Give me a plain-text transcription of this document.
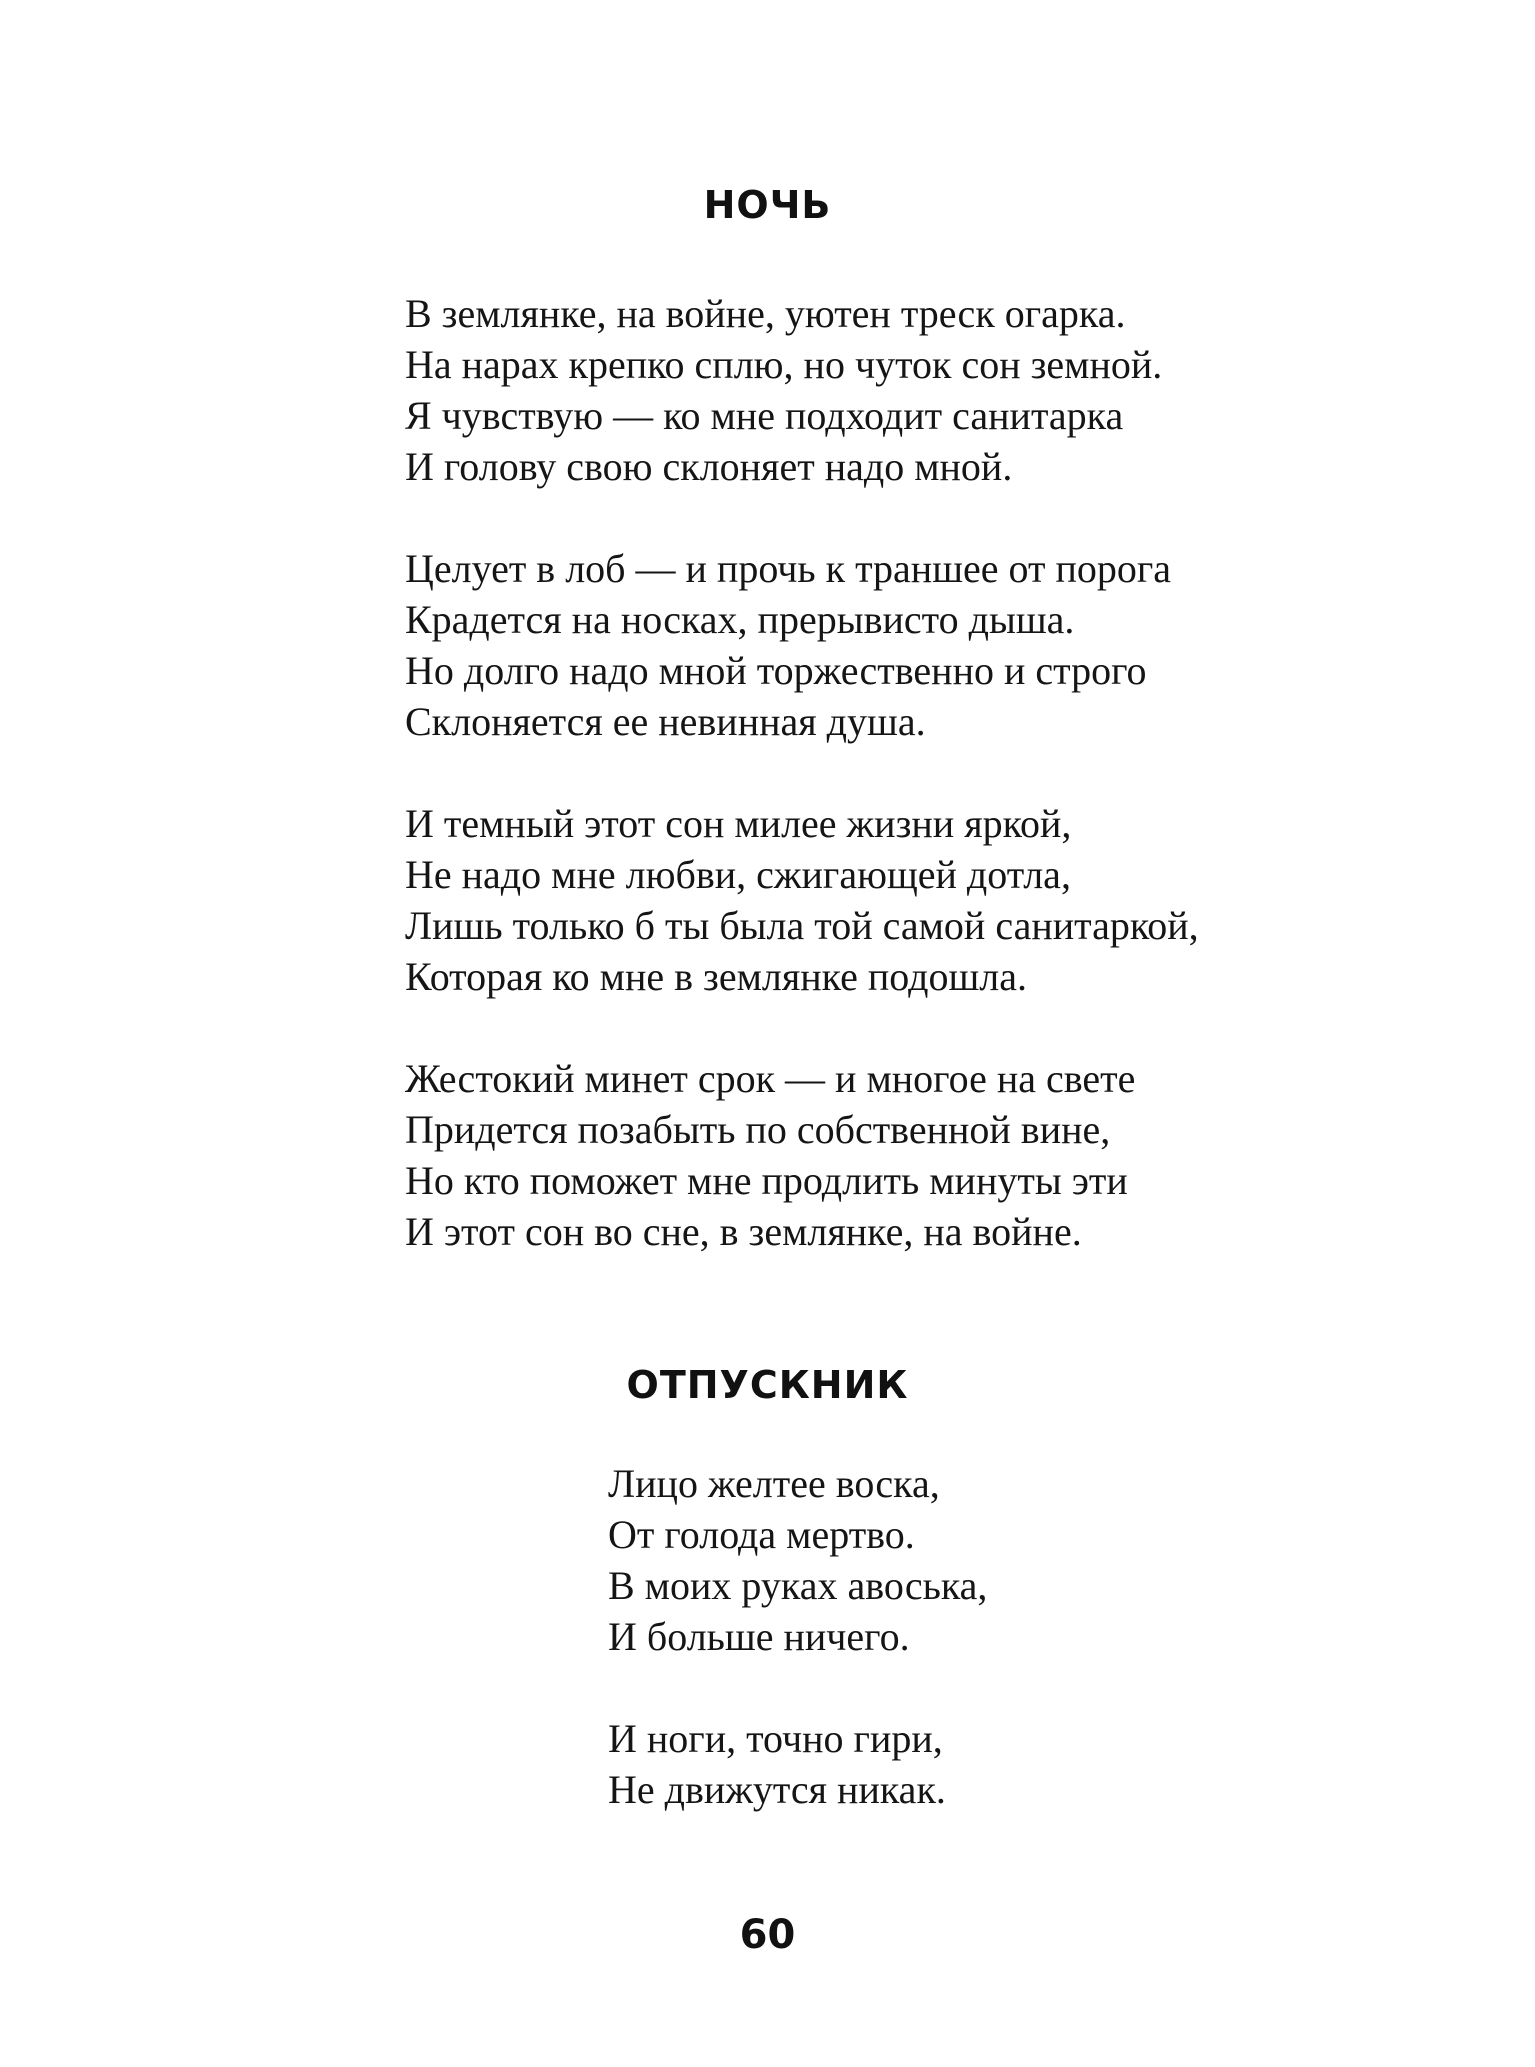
НОЧЬ

В землянке, на войне, уютен треск огарка.
На нарах крепко сплю, но чуток сон земной.
Я чувствую — ко мне подходит санитарка
И голову свою склоняет надо мной.

Целует в лоб — и прочь к траншее от порога
Крадется на носках, прерывисто дыша.
Но долго надо мной торжественно и строго
Склоняется ее невинная душа.

И темный этот сон милее жизни яркой,
Не надо мне любви, сжигающей дотла,
Лишь только б ты была той самой санитаркой,
Которая ко мне в землянке подошла.

Жестокий минет срок — и многое на свете
Придется позабыть по собственной вине,
Но кто поможет мне продлить минуты эти
И этот сон во сне, в землянке, на войне.

ОТПУСКНИК

Лицо желтее воска,
От голода мертво.
В моих руках авоська,
И больше ничего.

И ноги, точно гири,
Не движутся никак.

60
